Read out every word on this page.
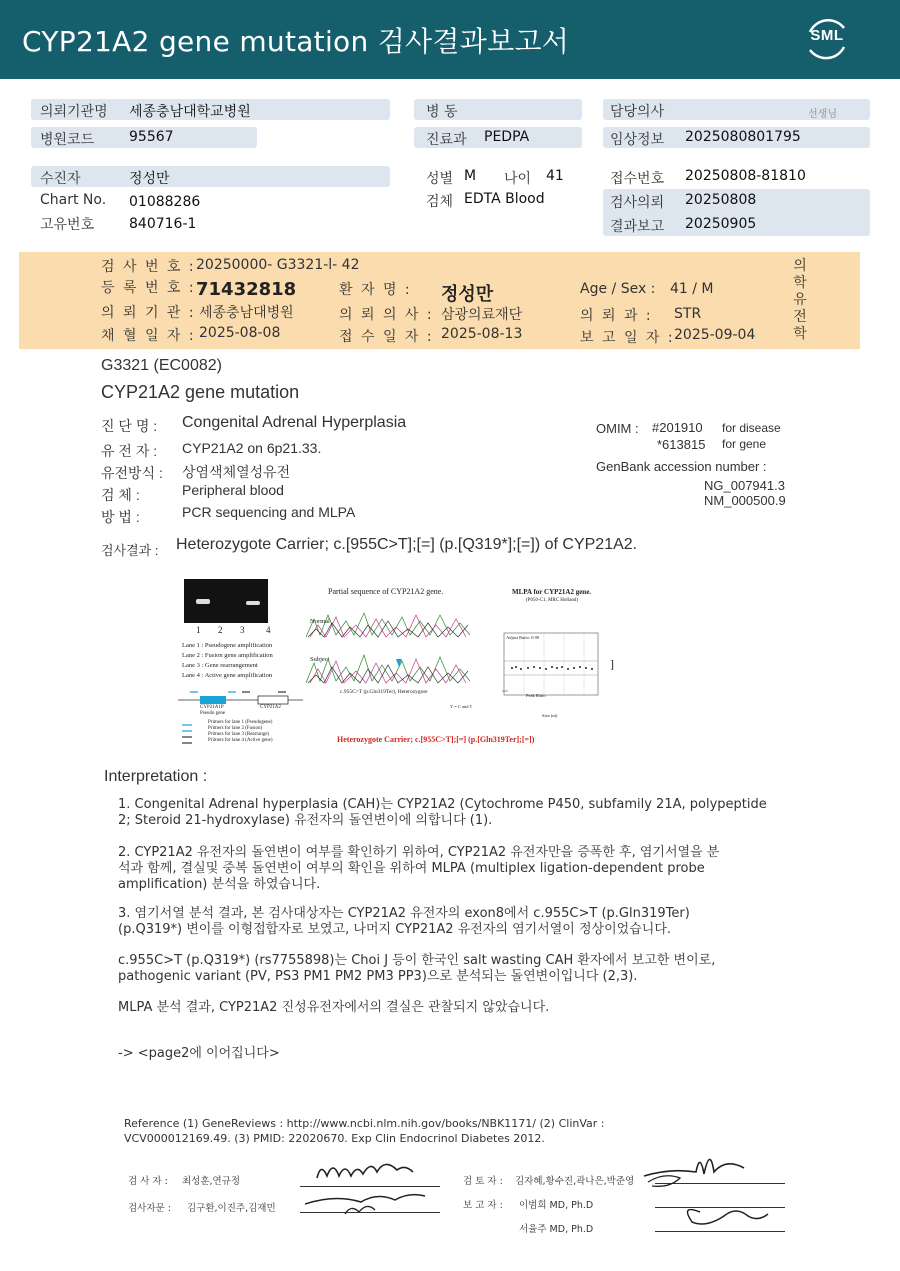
CYP21A2 gene mutation 검사결과보고서	SML
의뢰기관명 세종충남대학교병원
병원코드 95567
병 동
진료과 PEDPA
담당의사	선생님
임상정보 2025080801795
수진자	정성만
Chart No. 01088286
고유번호 840716-1
성별 M 나이 41
검체 EDTA Blood
접수번호 20250808-81810
검사의뢰 20250808
결과보고 20250905
검 사 번 호 : 20250000- G3321-l- 42
등 록 번 호 : 71432818	환 자 명 : 정성만	Age / Sex : 41 / M
의 뢰 기 관 : 세종충남대병원	의 뢰 의 사 : 삼광의료재단	의 뢰 과 : STR
채 혈 일 자 : 2025-08-08	접 수 일 자 : 2025-08-13	보 고 일 자 : 2025-09-04
의학유전학
G3321 (EC0082)
CYP21A2 gene mutation
진 단 명 : Congenital Adrenal Hyperplasia
유 전 자 : CYP21A2 on 6p21.33.
유전방식 : 상염색체열성유전
검 체 :	Peripheral blood
방 법 :	PCR sequencing and MLPA
OMIM : #201910 for disease
*613815 for gene
GenBank accession number :
NG_007941.3
NM_000500.9
검사결과 : Heterozygote Carrier; c.[955C>T];[=] (p.[Q319*];[=]) of CYP21A2.
1 2 3 4
Lane 1 : Pseudogene amplification
Lane 2 : Fusion gene amplification
Lane 3 : Gene rearrangement
Lane 4 : Active gene amplification
CYP21A1P
Pseudo gene
CYP21A2
Primers for lane 1 (Pseudogene)
Primers for lane 2 (Fusion)
Primers for lane 3 (Rearrange)
Primers for lane 4 (Active gene)
Partial sequence of CYP21A2 gene.
Normal
Subject
c.955C>T (p.Gln319Ter), Heterozygote
Y = C and T
MLPA for CYP21A2 gene.
(P050-C1, MRC Holland)
Adjust Ratio: 0.98
Peak Ratio
Size (nt)
]
Heterozygote Carrier; c.[955C>T];[=] (p.[Gln319Ter];[=])
Interpretation :
1. Congenital Adrenal hyperplasia (CAH)는 CYP21A2 (Cytochrome P450, subfamily 21A, polypeptide
2; Steroid 21-hydroxylase) 유전자의 돌연변이에 의합니다 (1).
2. CYP21A2 유전자의 돌연변이 여부를 확인하기 위하여, CYP21A2 유전자만을 증폭한 후, 염기서열을 분
석과 함께, 결실및 중복 돌연변이 여부의 확인을 위하여 MLPA (multiplex ligation-dependent probe
amplification) 분석을 하였습니다.
3. 염기서열 분석 결과, 본 검사대상자는 CYP21A2 유전자의 exon8에서 c.955C>T (p.Gln319Ter)
(p.Q319*) 변이를 이형접합자로 보였고, 나머지 CYP21A2 유전자의 염기서열이 정상이었습니다.
c.955C>T (p.Q319*) (rs7755898)는 Choi J 등이 한국인 salt wasting CAH 환자에서 보고한 변이로,
pathogenic variant (PV, PS3 PM1 PM2 PM3 PP3)으로 분석되는 돌연변이입니다 (2,3).
MLPA 분석 결과, CYP21A2 진성유전자에서의 결실은 관찰되지 않았습니다.
-> <page2에 이어집니다>
Reference (1) GeneReviews : http://www.ncbi.nlm.nih.gov/books/NBK1171/ (2) ClinVar :
VCV000012169.49. (3) PMID: 22020670. Exp Clin Endocrinol Diabetes 2012.
검 사 자 : 최성훈,연규정
검사자문 : 김구환,이진주,김재민
검 토 자 : 김자혜,황수진,곽나은,박준영
보 고 자 : 이범희 MD, Ph.D
서율주 MD, Ph.D
